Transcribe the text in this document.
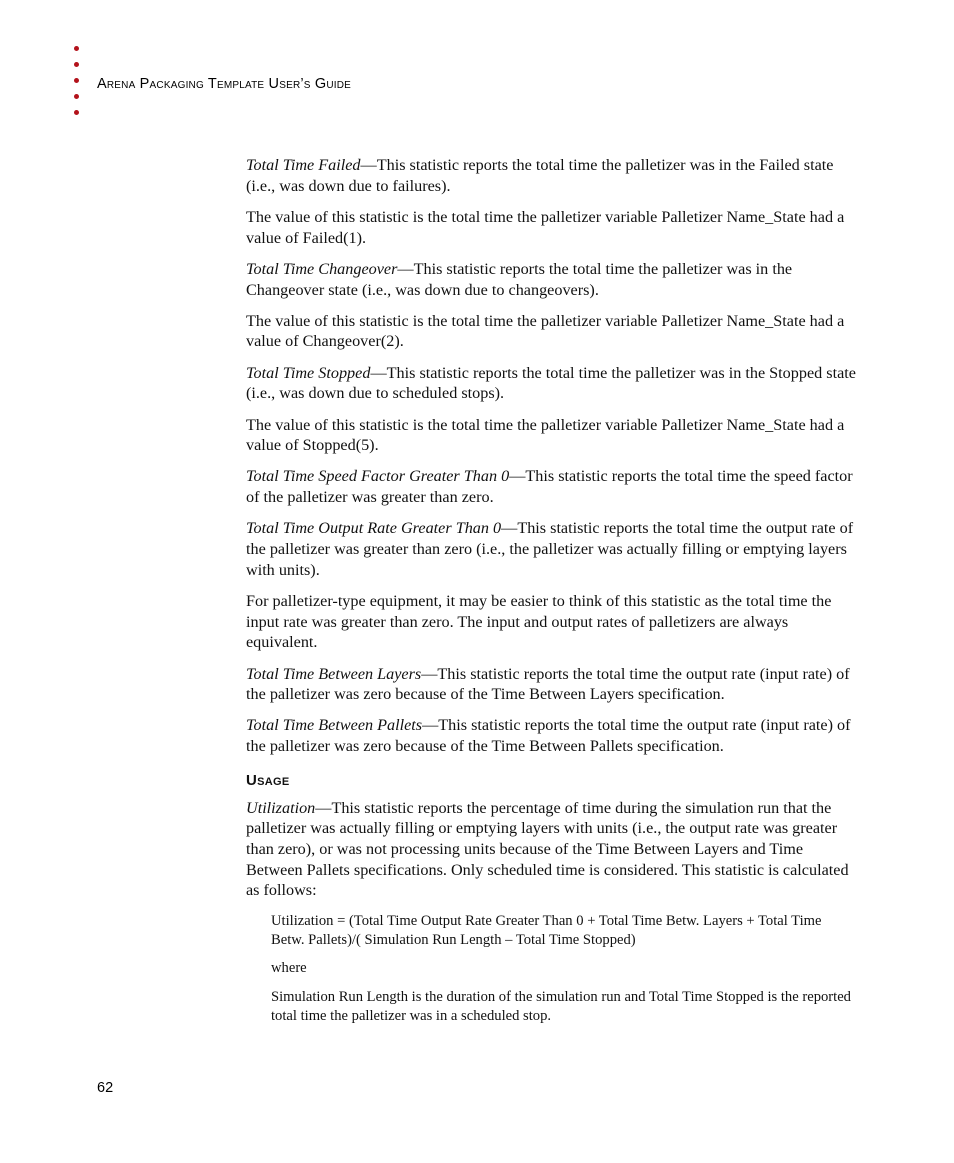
Arena Packaging Template User’s Guide

Total Time Failed—This statistic reports the total time the palletizer was in the Failed state (i.e., was down due to failures).

The value of this statistic is the total time the palletizer variable Palletizer Name_State had a value of Failed(1).

Total Time Changeover—This statistic reports the total time the palletizer was in the Changeover state (i.e., was down due to changeovers).

The value of this statistic is the total time the palletizer variable Palletizer Name_State had a value of Changeover(2).

Total Time Stopped—This statistic reports the total time the palletizer was in the Stopped state (i.e., was down due to scheduled stops).

The value of this statistic is the total time the palletizer variable Palletizer Name_State had a value of Stopped(5).

Total Time Speed Factor Greater Than 0—This statistic reports the total time the speed factor of the palletizer was greater than zero.

Total Time Output Rate Greater Than 0—This statistic reports the total time the output rate of the palletizer was greater than zero (i.e., the palletizer was actually filling or emptying layers with units).

For palletizer-type equipment, it may be easier to think of this statistic as the total time the input rate was greater than zero. The input and output rates of palletizers are always equivalent.

Total Time Between Layers—This statistic reports the total time the output rate (input rate) of the palletizer was zero because of the Time Between Layers specification.

Total Time Between Pallets—This statistic reports the total time the output rate (input rate) of the palletizer was zero because of the Time Between Pallets specification.

Usage

Utilization—This statistic reports the percentage of time during the simulation run that the palletizer was actually filling or emptying layers with units (i.e., the output rate was greater than zero), or was not processing units because of the Time Between Layers and Time Between Pallets specifications. Only scheduled time is considered. This statistic is calculated as follows:

Utilization = (Total Time Output Rate Greater Than 0 + Total Time Betw. Layers + Total Time Betw. Pallets)/( Simulation Run Length – Total Time Stopped)

where

Simulation Run Length is the duration of the simulation run and Total Time Stopped is the reported total time the palletizer was in a scheduled stop.

62
